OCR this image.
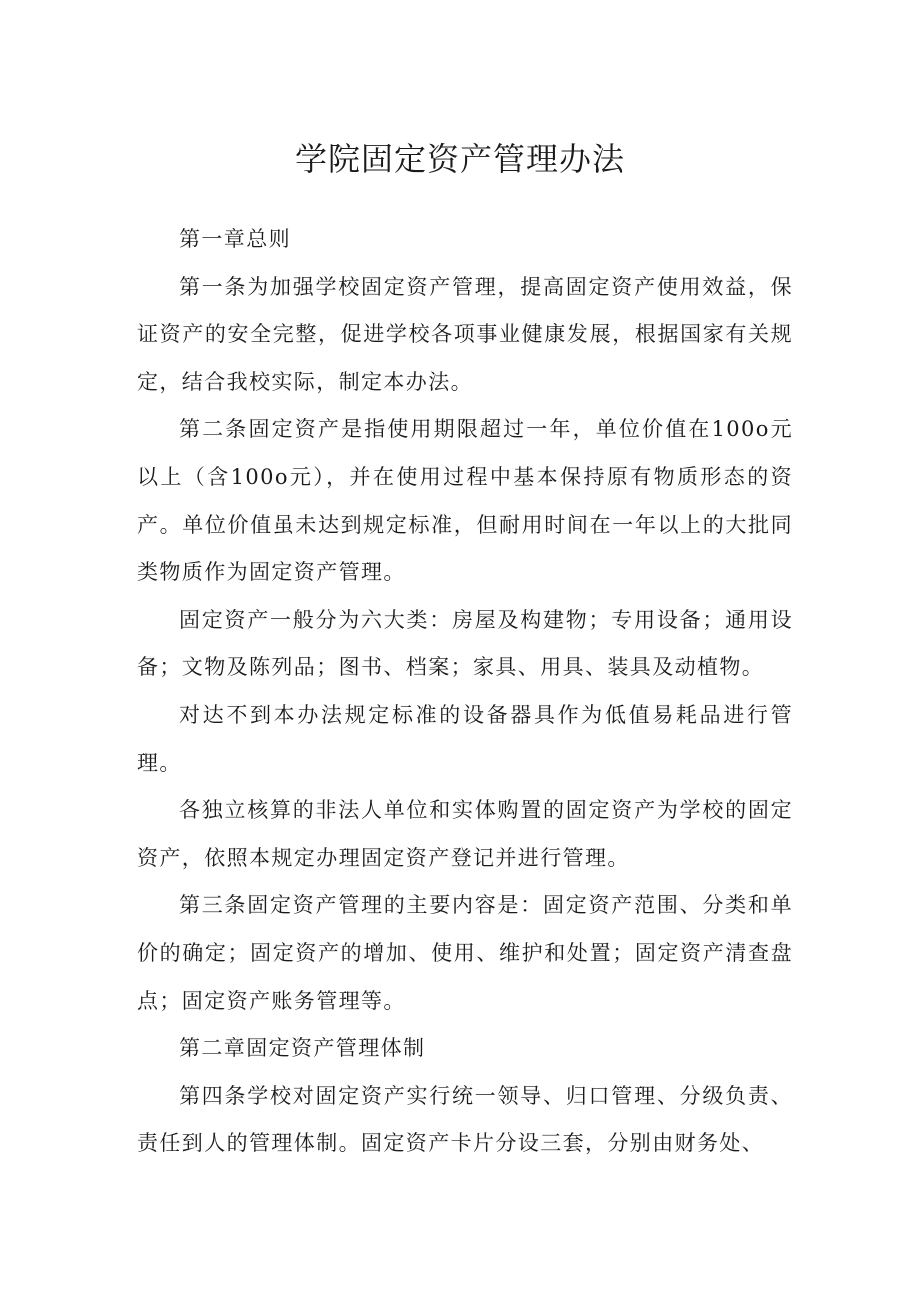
学院固定资产管理办法

第一章总则

第一条为加强学校固定资产管理，提高固定资产使用效益，保证资产的安全完整，促进学校各项事业健康发展，根据国家有关规定，结合我校实际，制定本办法。

第二条固定资产是指使用期限超过一年，单位价值在100o元以上（含100o元），并在使用过程中基本保持原有物质形态的资产。单位价值虽未达到规定标准，但耐用时间在一年以上的大批同类物质作为固定资产管理。

固定资产一般分为六大类：房屋及构建物；专用设备；通用设备；文物及陈列品；图书、档案；家具、用具、装具及动植物。

对达不到本办法规定标准的设备器具作为低值易耗品进行管理。

各独立核算的非法人单位和实体购置的固定资产为学校的固定资产，依照本规定办理固定资产登记并进行管理。

第三条固定资产管理的主要内容是：固定资产范围、分类和单价的确定；固定资产的增加、使用、维护和处置；固定资产清查盘点；固定资产账务管理等。

第二章固定资产管理体制

第四条学校对固定资产实行统一领导、归口管理、分级负责、责任到人的管理体制。固定资产卡片分设三套，分别由财务处、
